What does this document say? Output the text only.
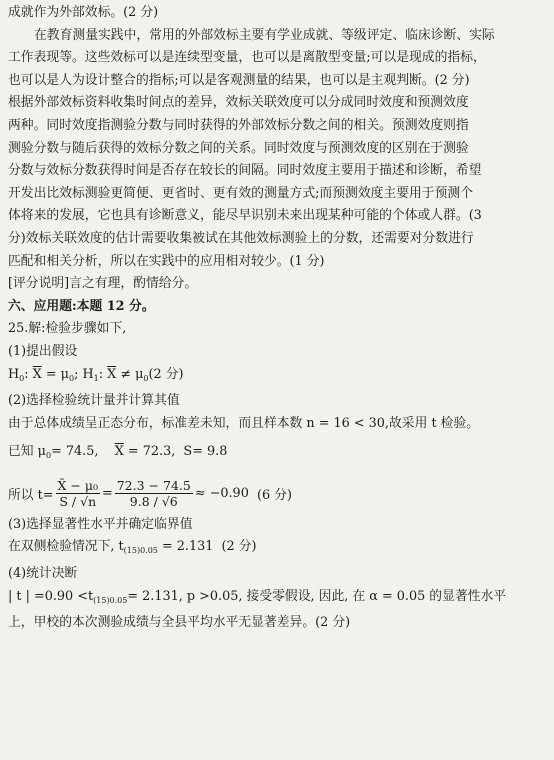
成就作为外部效标。(2 分)

在教育测量实践中，常用的外部效标主要有学业成就、等级评定、临床诊断、实际

工作表现等。这些效标可以是连续型变量，也可以是离散型变量;可以是现成的指标，

也可以是人为设计整合的指标;可以是客观测量的结果，也可以是主观判断。(2 分)

根据外部效标资料收集时间点的差异，效标关联效度可以分成同时效度和预测效度

两种。同时效度指测验分数与同时获得的外部效标分数之间的相关。预测效度则指

测验分数与随后获得的效标分数之间的关系。同时效度与预测效度的区别在于测验

分数与效标分数获得时间是否存在较长的间隔。同时效度主要用于描述和诊断，希望

开发出比效标测验更简便、更省时、更有效的测量方式;而预测效度主要用于预测个

体将来的发展，它也具有诊断意义，能尽早识别未来出现某种可能的个体或人群。(3

分)效标关联效度的估计需要收集被试在其他效标测验上的分数，还需要对分数进行

匹配和相关分析，所以在实践中的应用相对较少。(1 分)

[评分说明]言之有理，酌情给分。

六、应用题:本题 12 分。

25.解:检验步骤如下,

(1)提出假设

$H_0$: $\overline{X} = \mu_0$; $H_1$: $\overline{X} \ne \mu_0(2$ 分)

(2)选择检验统计量并计算其值

由于总体成绩呈正态分布，标准差未知，而且样本数 n = 16 < 30,故采用 t 检验。

已知 $\mu_0= 74.5$, $\overline{X} = 72.3$, S= 9.8

所以 $t= \frac{\text{X̄ − μ₀}}{S / √n} = \frac{72.3 - 74.5}{9.8 / √6} \approx -0.90$
(6 分)

(3)选择显著性水平并确定临界值

在双侧检验情况下, $t_{(15)0.05} = 2.131$ (2 分)

(4)统计决断

| t | $=0.90 <t_{(15)0.05}= 2.131$, p >0.05, 接受零假设, 因此, 在 α = 0.05 的显著性水平

上，甲校的本次测验成绩与全县平均水平无显著差异。(2 分)
